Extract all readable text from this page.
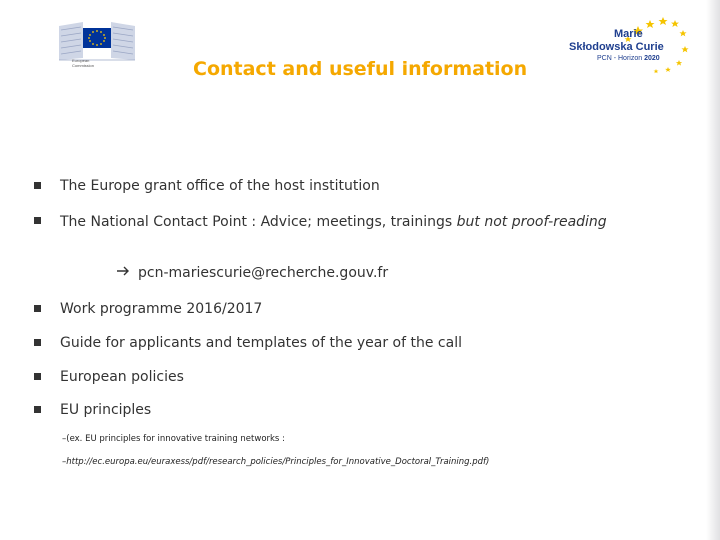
European Commission
Marie
Skłodowska Curie
PCN - Horizon 2020
Contact and useful information
The Europe grant office of the host institution
The National Contact Point : Advice; meetings, trainings but not proof-reading
pcn-mariescurie@recherche.gouv.fr
Work programme 2016/2017
Guide for applicants and templates of the year of the call
European policies
EU principles
–(ex. EU principles for innovative training networks :
–http://ec.europa.eu/euraxess/pdf/research_policies/Principles_for_Innovative_Doctoral_Training.pdf)
